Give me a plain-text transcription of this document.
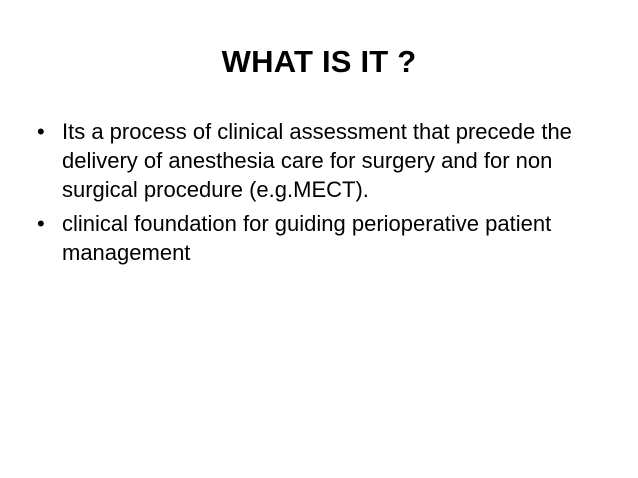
WHAT IS IT ?
• Its a process of clinical assessment that precede the delivery of anesthesia care for surgery and for non surgical procedure (e.g.MECT).
• clinical foundation for guiding perioperative patient management
